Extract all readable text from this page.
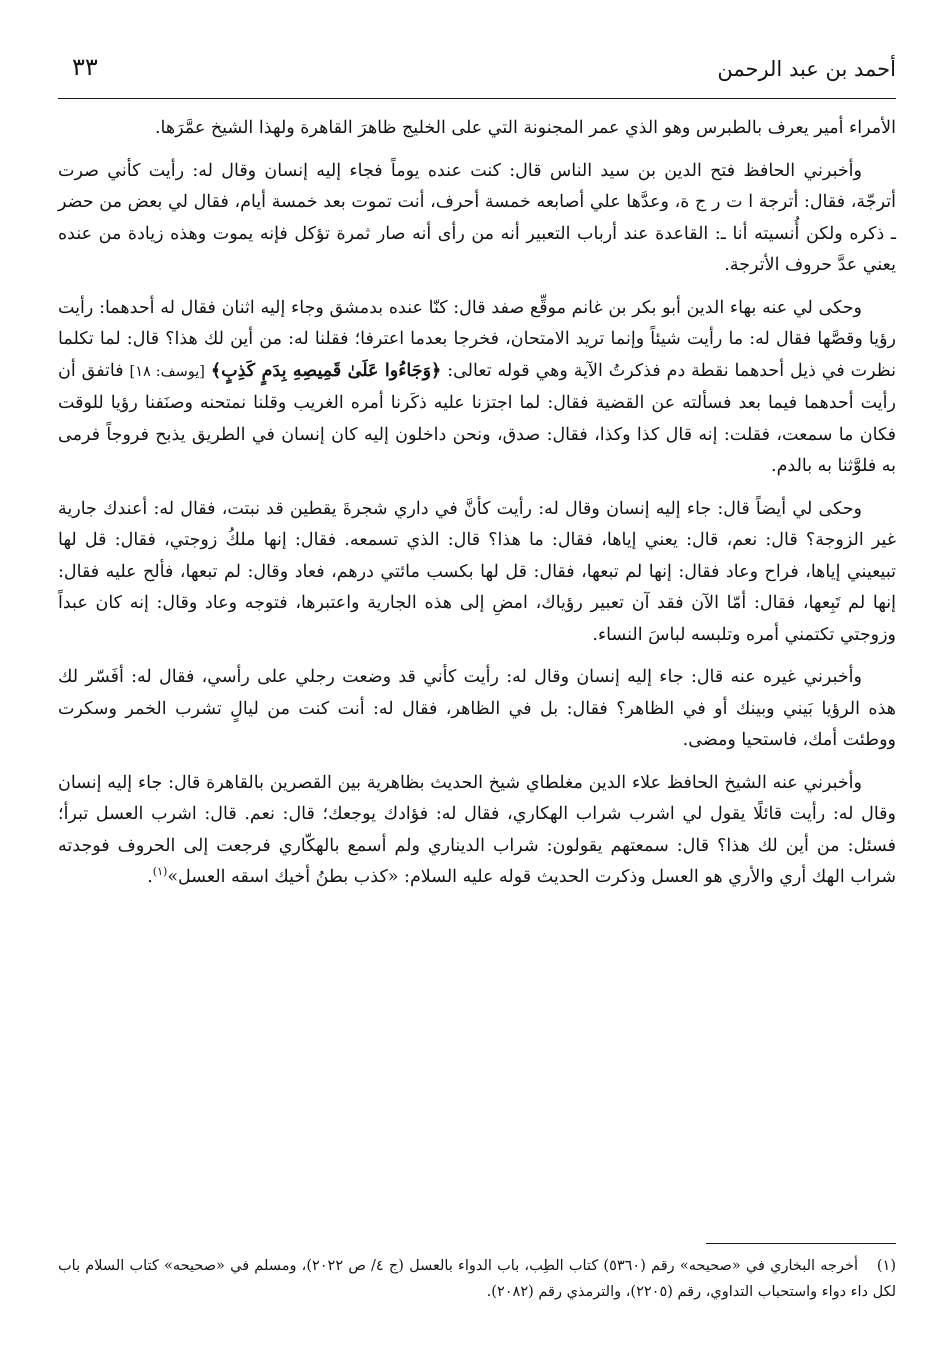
أحمد بن عبد الرحمن
٣٣

الأمراء أمير يعرف بالطبرس وهو الذي عمر المجنونة التي على الخليج ظاهرَ القاهرة ولهذا الشيخ عمَّرَها.

وأخبرني الحافظ فتح الدين بن سيد الناس قال: كنت عنده يوماً فجاء إليه إنسان وقال له: رأيت كأني صرت أترجّة، فقال: أترجة ا ت ر ج ة، وعدَّها علي أصابعه خمسة أحرف، أنت تموت بعد خمسة أيام، فقال لي بعض من حضر ـ ذكره ولكن أُنسيته أنا ـ: القاعدة عند أرباب التعبير أنه من رأى أنه صار ثمرة تؤكل فإنه يموت وهذه زيادة من عنده يعني عدَّ حروف الأترجة.

وحكى لي عنه بهاء الدين أبو بكر بن غانم موقِّع صفد قال: كنّا عنده بدمشق وجاء إليه اثنان فقال له أحدهما: رأيت رؤيا وقصَّها فقال له: ما رأيت شيئاً وإنما تريد الامتحان، فخرجا بعدما اعترفا؛ فقلنا له: من أين لك هذا؟ قال: لما تكلما نظرت في ذيل أحدهما نقطة دم فذكرتُ الآية وهي قوله تعالى: ﴿وَجَاءُوا عَلَىٰ قَمِيصِهِ بِدَمٍ كَذِبٍ﴾ [يوسف: ١٨] فاتفق أن رأيت أحدهما فيما بعد فسألته عن القضية فقال: لما اجتزنا عليه ذكَرنا أمره الغريب وقلنا نمتحنه وصنَفنا رؤيا للوقت فكان ما سمعت، فقلت: إنه قال كذا وكذا، فقال: صدق، ونحن داخلون إليه كان إنسان في الطريق يذبح فروجاً فرمى به فلوَّثنا به بالدم.

وحكى لي أيضاً قال: جاء إليه إنسان وقال له: رأيت كأنَّ في داري شجرةَ يقطين قد نبتت، فقال له: أعندك جارية غير الزوجة؟ قال: نعم، قال: يعني إياها، فقال: ما هذا؟ قال: الذي تسمعه. فقال: إنها ملكُ زوجتي، فقال: قل لها تبيعيني إياها، فراح وعاد فقال: إنها لم تبعها، فقال: قل لها بكسب مائتي درهم، فعاد وقال: لم تبعها، فألح عليه فقال: إنها لم تَبِعها، فقال: أمّا الآن فقد آن تعبير رؤياك، امضِ إلى هذه الجارية واعتبرها، فتوجه وعاد وقال: إنه كان عبداً وزوجتي تكتمني أمره وتلبسه لباسَ النساء.

وأخبرني غيره عنه قال: جاء إليه إنسان وقال له: رأيت كأني قد وضعت رجلي على رأسي، فقال له: أفَسّر لك هذه الرؤيا بَيني وبينك أو في الظاهر؟ فقال: بل في الظاهر، فقال له: أنت كنت من ليالٍ تشرب الخمر وسكرت ووطئت أمك، فاستحيا ومضى.

وأخبرني عنه الشيخ الحافظ علاء الدين مغلطاي شيخ الحديث بظاهرية بين القصرين بالقاهرة قال: جاء إليه إنسان وقال له: رأيت قائلًا يقول لي اشرب شراب الهكاري، فقال له: فؤادك يوجعك؛ قال: نعم. قال: اشرب العسل تبرأ؛ فسئل: من أين لك هذا؟ قال: سمعتهم يقولون: شراب الديناري ولم أسمع بالهكّاري فرجعت إلى الحروف فوجدته شراب الهك أري والأري هو العسل وذكرت الحديث قوله عليه السلام: «كذب بطنُ أخيك اسقه العسل»$^{(١)}$.

(١)أخرجه البخاري في «صحيحه» رقم (٥٣٦٠) كتاب الطِب، باب الدواء بالعسل (ج ٤/ ص ٢٠٢٢)، ومسلم في «صحيحه» كتاب السلام باب لكل داء دواء واستحباب التداوي، رقم (٢٢٠٥)، والترمذي رقم (٢٠٨٢).
